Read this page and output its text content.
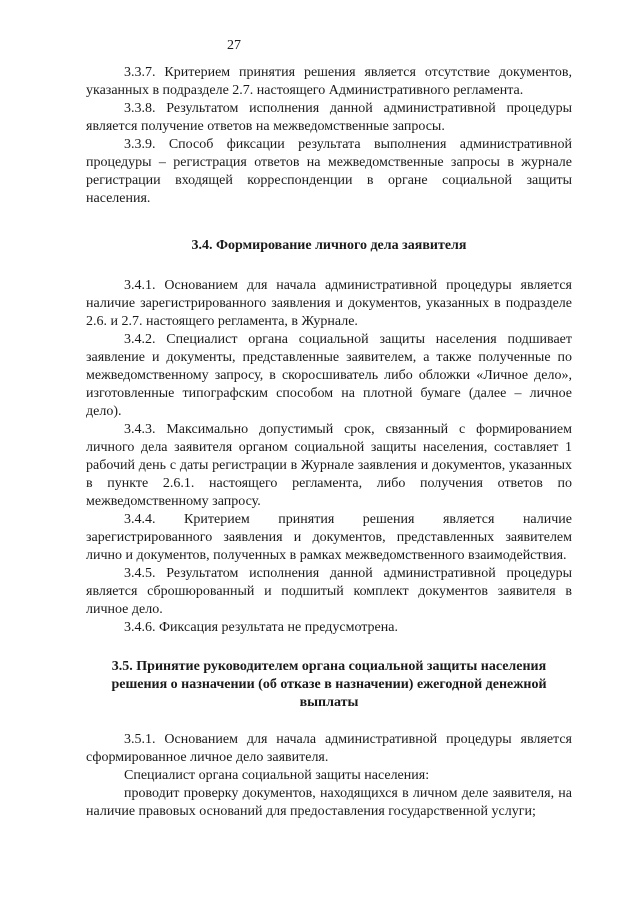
27

3.3.7. Критерием принятия решения является отсутствие документов, указанных в подразделе 2.7. настоящего Административного регламента.

3.3.8. Результатом исполнения данной административной процедуры является получение ответов на межведомственные запросы.

3.3.9. Способ фиксации результата выполнения административной процедуры – регистрация ответов на межведомственные запросы в журнале регистрации входящей корреспонденции в органе социальной защиты населения.

3.4. Формирование личного дела заявителя

3.4.1. Основанием для начала административной процедуры является наличие зарегистрированного заявления и документов, указанных в подразделе 2.6. и 2.7. настоящего регламента, в Журнале.

3.4.2. Специалист органа социальной защиты населения подшивает заявление и документы, представленные заявителем, а также полученные по межведомственному запросу, в скоросшиватель либо обложки «Личное дело», изготовленные типографским способом на плотной бумаге (далее – личное дело).

3.4.3. Максимально допустимый срок, связанный с формированием личного дела заявителя органом социальной защиты населения, составляет 1 рабочий день с даты регистрации в Журнале заявления и документов, указанных в пункте 2.6.1. настоящего регламента, либо получения ответов по межведомственному запросу.

3.4.4. Критерием принятия решения является наличие зарегистрированного заявления и документов, представленных заявителем лично и документов, полученных в рамках межведомственного взаимодействия.

3.4.5. Результатом исполнения данной административной процедуры является сброшюрованный и подшитый комплект документов заявителя в личное дело.

3.4.6. Фиксация результата не предусмотрена.

3.5. Принятие руководителем органа социальной защиты населения решения о назначении (об отказе в назначении) ежегодной денежной выплаты

3.5.1. Основанием для начала административной процедуры является сформированное личное дело заявителя.

Специалист органа социальной защиты населения:

проводит проверку документов, находящихся в личном деле заявителя, на наличие правовых оснований для предоставления государственной услуги;
